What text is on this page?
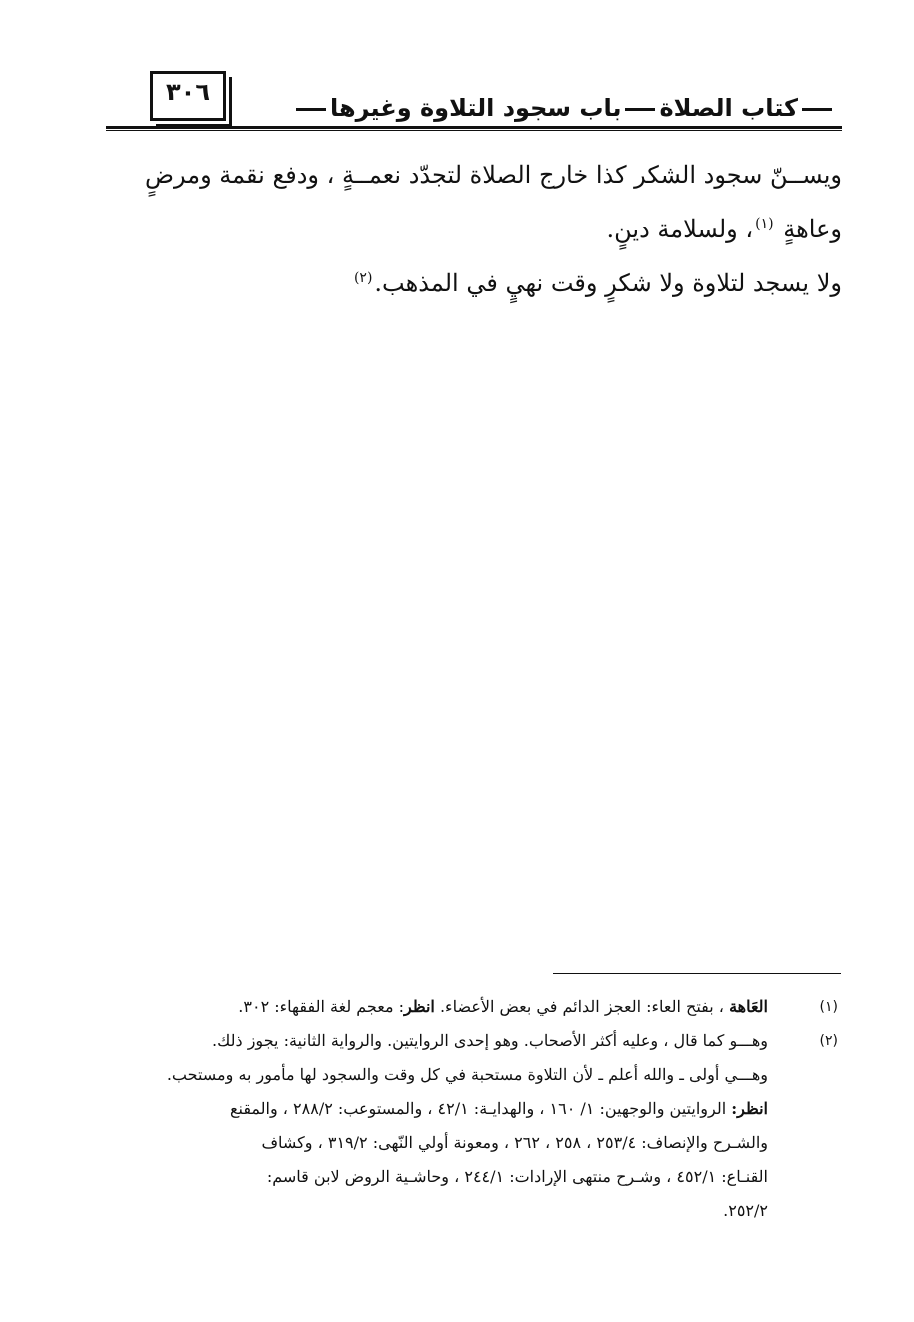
٣٠٦
كتاب الصلاةباب سجود التلاوة وغيرها
ويســنّ سجود الشكر كذا خارج الصلاة لتجدّد نعمــةٍ ، ودفع نقمة ومرضٍ
وعاهةٍ $^{(١)}$، ولسلامة دينٍ.
ولا يسجد لتلاوة ولا شكرٍ وقت نهيٍ في المذهب.$^{(٢)}$
(١)
العَاهة ، بفتح العاء: العجز الدائم في بعض الأعضاء. انظر: معجم لغة الفقهاء: ٣٠٢.
(٢)
وهـــو كما قال ، وعليه أكثر الأصحاب. وهو إحدى الروايتين. والرواية الثانية: يجوز ذلك.
وهـــي أولى ـ والله أعلم ـ لأن التلاوة مستحبة في كل وقت والسجود لها مأمور به ومستحب.
انظر: الروايتين والوجهين: ١/ ١٦٠ ، والهدايـة: ٤٢/١ ، والمستوعب: ٢٨٨/٢ ، والمقنع
والشـرح والإنصاف: ٢٥٣/٤ ، ٢٥٨ ، ٢٦٢ ، ومعونة أولي النّهى: ٣١٩/٢ ، وكشاف
القنـاع: ٤٥٢/١ ، وشـرح منتهى الإرادات: ٢٤٤/١ ، وحاشـية الروض لابن قاسم:
٢٥٢/٢.
